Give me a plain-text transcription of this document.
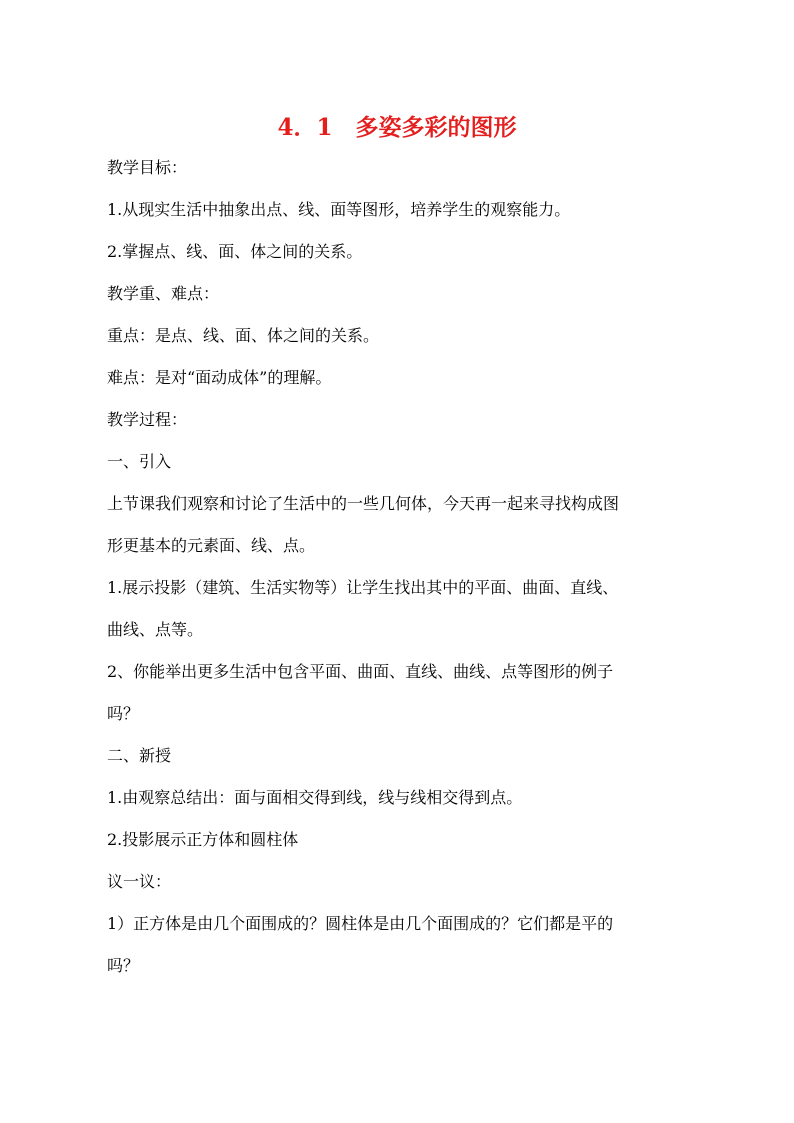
4．1　多姿多彩的图形
教学目标：
1.从现实生活中抽象出点、线、面等图形，培养学生的观察能力。
2.掌握点、线、面、体之间的关系。
教学重、难点：
重点：是点、线、面、体之间的关系。
难点：是对“面动成体”的理解。
教学过程：
一、引入
上节课我们观察和讨论了生活中的一些几何体，今天再一起来寻找构成图
形更基本的元素面、线、点。
1.展示投影（建筑、生活实物等）让学生找出其中的平面、曲面、直线、
曲线、点等。
2、你能举出更多生活中包含平面、曲面、直线、曲线、点等图形的例子
吗？
二、新授
1.由观察总结出：面与面相交得到线，线与线相交得到点。
2.投影展示正方体和圆柱体
议一议：
1）正方体是由几个面围成的？圆柱体是由几个面围成的？它们都是平的
吗？
